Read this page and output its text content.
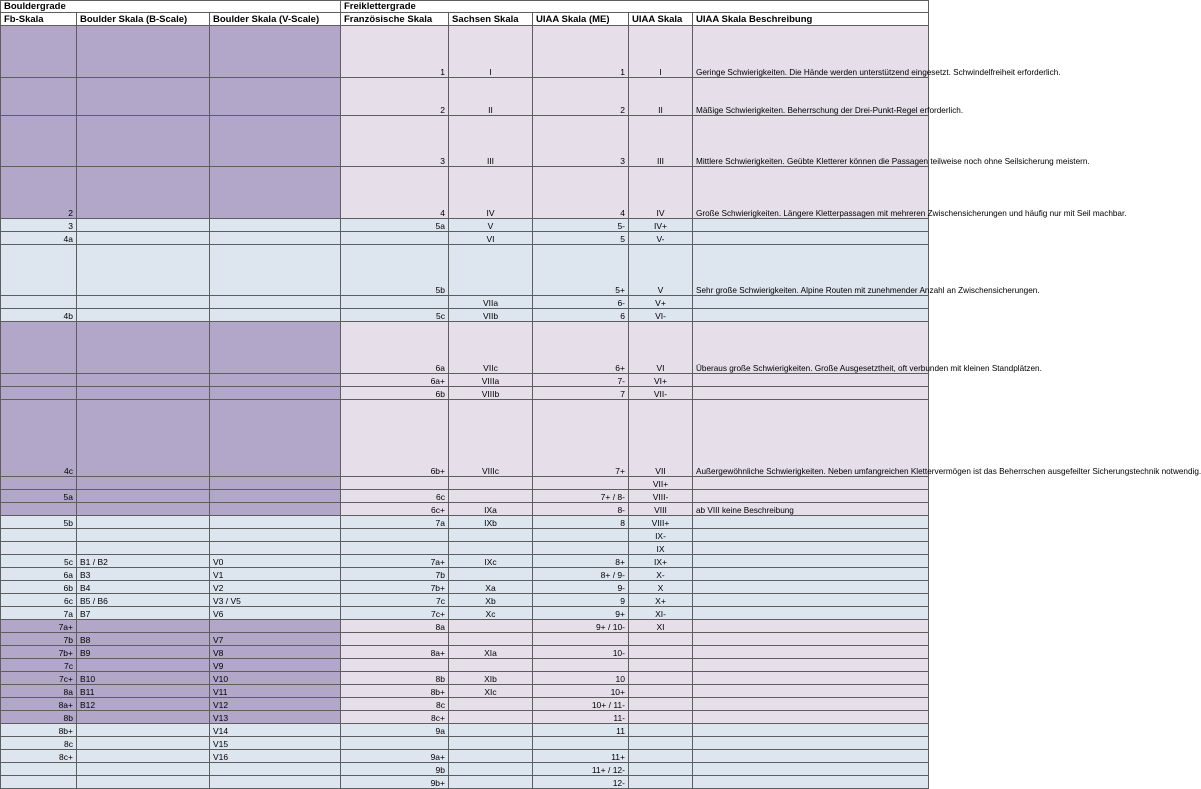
Bouldergrade			Freiklettergrade				
Fb-Skala	Boulder Skala (B-Scale)	Boulder Skala (V-Scale)	Französische Skala	Sachsen Skala	UIAA Skala (ME)	UIAA Skala	UIAA Skala Beschreibung
			1	I	1	I	Geringe Schwierigkeiten. Die Hände werden unterstützend eingesetzt. Schwindelfreiheit erforderlich.
			2	II	2	II	Mäßige Schwierigkeiten. Beherrschung der Drei-Punkt-Regel erforderlich.
			3	III	3	III	Mittlere Schwierigkeiten. Geübte Kletterer können die Passagen teilweise noch ohne Seilsicherung meistern.
2			4	IV	4	IV	Große Schwierigkeiten. Längere Kletterpassagen mit mehreren Zwischensicherungen und häufig nur mit Seil machbar.
3			5a	V	5-	IV+	
4a				VI	5	V-	
			5b		5+	V	Sehr große Schwierigkeiten. Alpine Routen mit zunehmender Anzahl an Zwischensicherungen.
				VIIa	6-	V+	
4b			5c	VIIb	6	VI-	
			6a	VIIc	6+	VI	Überaus große Schwierigkeiten. Große Ausgesetztheit, oft verbunden mit kleinen Standplätzen.
			6a+	VIIIa	7-	VI+	
			6b	VIIIb	7	VII-	
4c			6b+	VIIIc	7+	VII	Außergewöhnliche Schwierigkeiten. Neben umfangreichen Klettervermögen ist das Beherrschen ausgefeilter Sicherungstechnik notwendig.
						VII+	
5a			6c		7+ / 8-	VIII-	
			6c+	IXa	8-	VIII	ab VIII keine Beschreibung
5b			7a	IXb	8	VIII+	
						IX-	
						IX	
5c	B1 / B2	V0	7a+	IXc	8+	IX+	
6a	B3	V1	7b		8+ / 9-	X-	
6b	B4	V2	7b+	Xa	9-	X	
6c	B5 / B6	V3 / V5	7c	Xb	9	X+	
7a	B7	V6	7c+	Xc	9+	XI-	
7a+			8a		9+ / 10-	XI	
7b	B8	V7					
7b+	B9	V8	8a+	XIa	10-		
7c		V9					
7c+	B10	V10	8b	XIb	10		
8a	B11	V11	8b+	XIc	10+		
8a+	B12	V12	8c		10+ / 11-		
8b		V13	8c+		11-		
8b+		V14	9a		11		
8c		V15					
8c+		V16	9a+		11+		
			9b		11+ / 12-		
			9b+		12-		
